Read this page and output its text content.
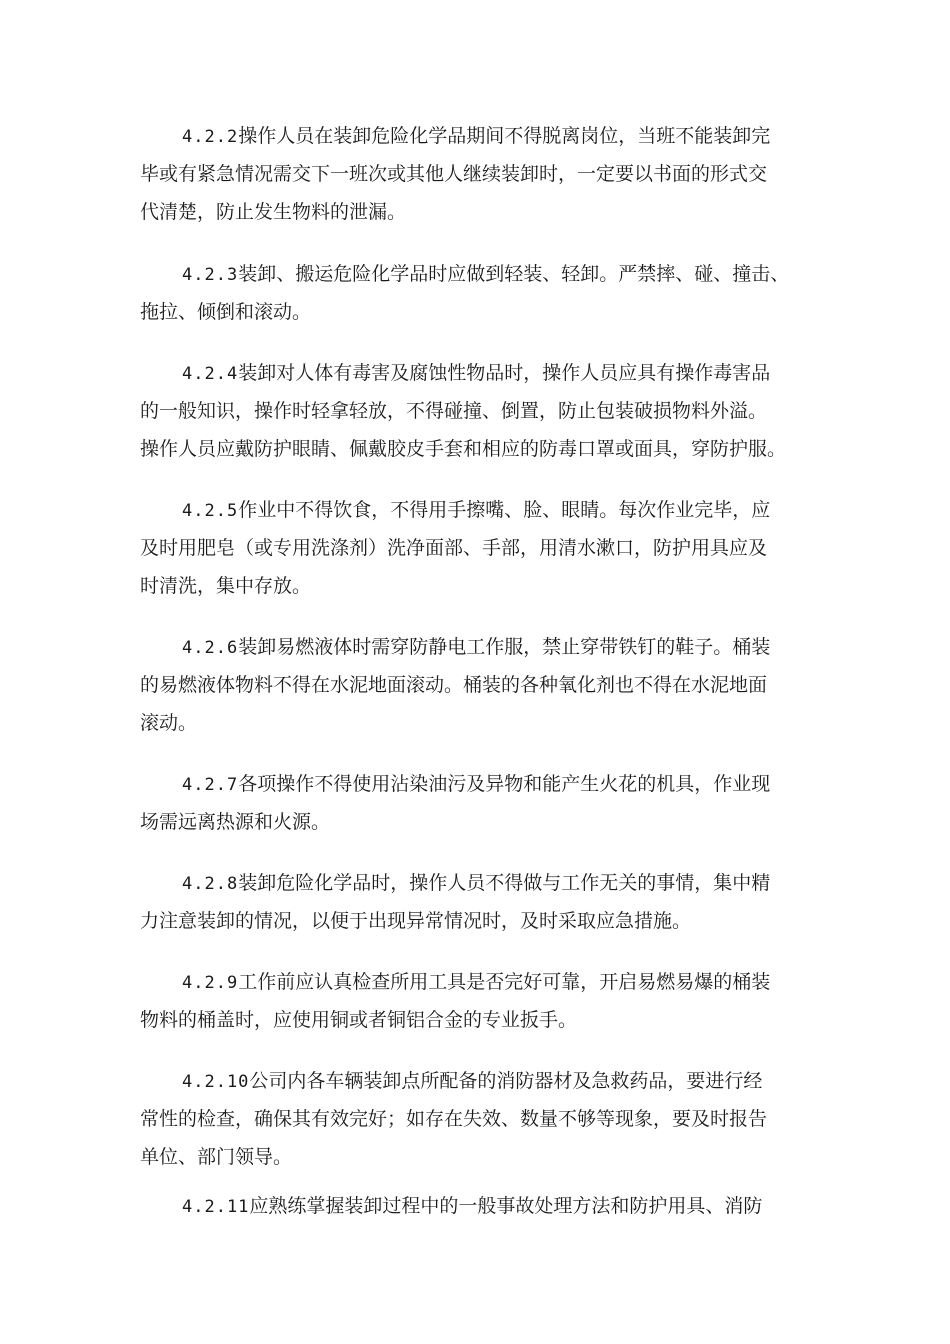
4.2.2操作人员在装卸危险化学品期间不得脱离岗位，当班不能装卸完
毕或有紧急情况需交下一班次或其他人继续装卸时，一定要以书面的形式交
代清楚，防止发生物料的泄漏。

4.2.3装卸、搬运危险化学品时应做到轻装、轻卸。严禁摔、碰、撞击、
拖拉、倾倒和滚动。

4.2.4装卸对人体有毒害及腐蚀性物品时，操作人员应具有操作毒害品
的一般知识，操作时轻拿轻放，不得碰撞、倒置，防止包装破损物料外溢。
操作人员应戴防护眼睛、佩戴胶皮手套和相应的防毒口罩或面具，穿防护服。

4.2.5作业中不得饮食，不得用手擦嘴、脸、眼睛。每次作业完毕，应
及时用肥皂（或专用洗涤剂）洗净面部、手部，用清水漱口，防护用具应及
时清洗，集中存放。

4.2.6装卸易燃液体时需穿防静电工作服，禁止穿带铁钉的鞋子。桶装
的易燃液体物料不得在水泥地面滚动。桶装的各种氧化剂也不得在水泥地面
滚动。

4.2.7各项操作不得使用沾染油污及异物和能产生火花的机具，作业现
场需远离热源和火源。

4.2.8装卸危险化学品时，操作人员不得做与工作无关的事情，集中精
力注意装卸的情况，以便于出现异常情况时，及时采取应急措施。

4.2.9工作前应认真检查所用工具是否完好可靠，开启易燃易爆的桶装
物料的桶盖时，应使用铜或者铜铝合金的专业扳手。

4.2.10公司内各车辆装卸点所配备的消防器材及急救药品，要进行经
常性的检查，确保其有效完好；如存在失效、数量不够等现象，要及时报告
单位、部门领导。

4.2.11应熟练掌握装卸过程中的一般事故处理方法和防护用具、消防
